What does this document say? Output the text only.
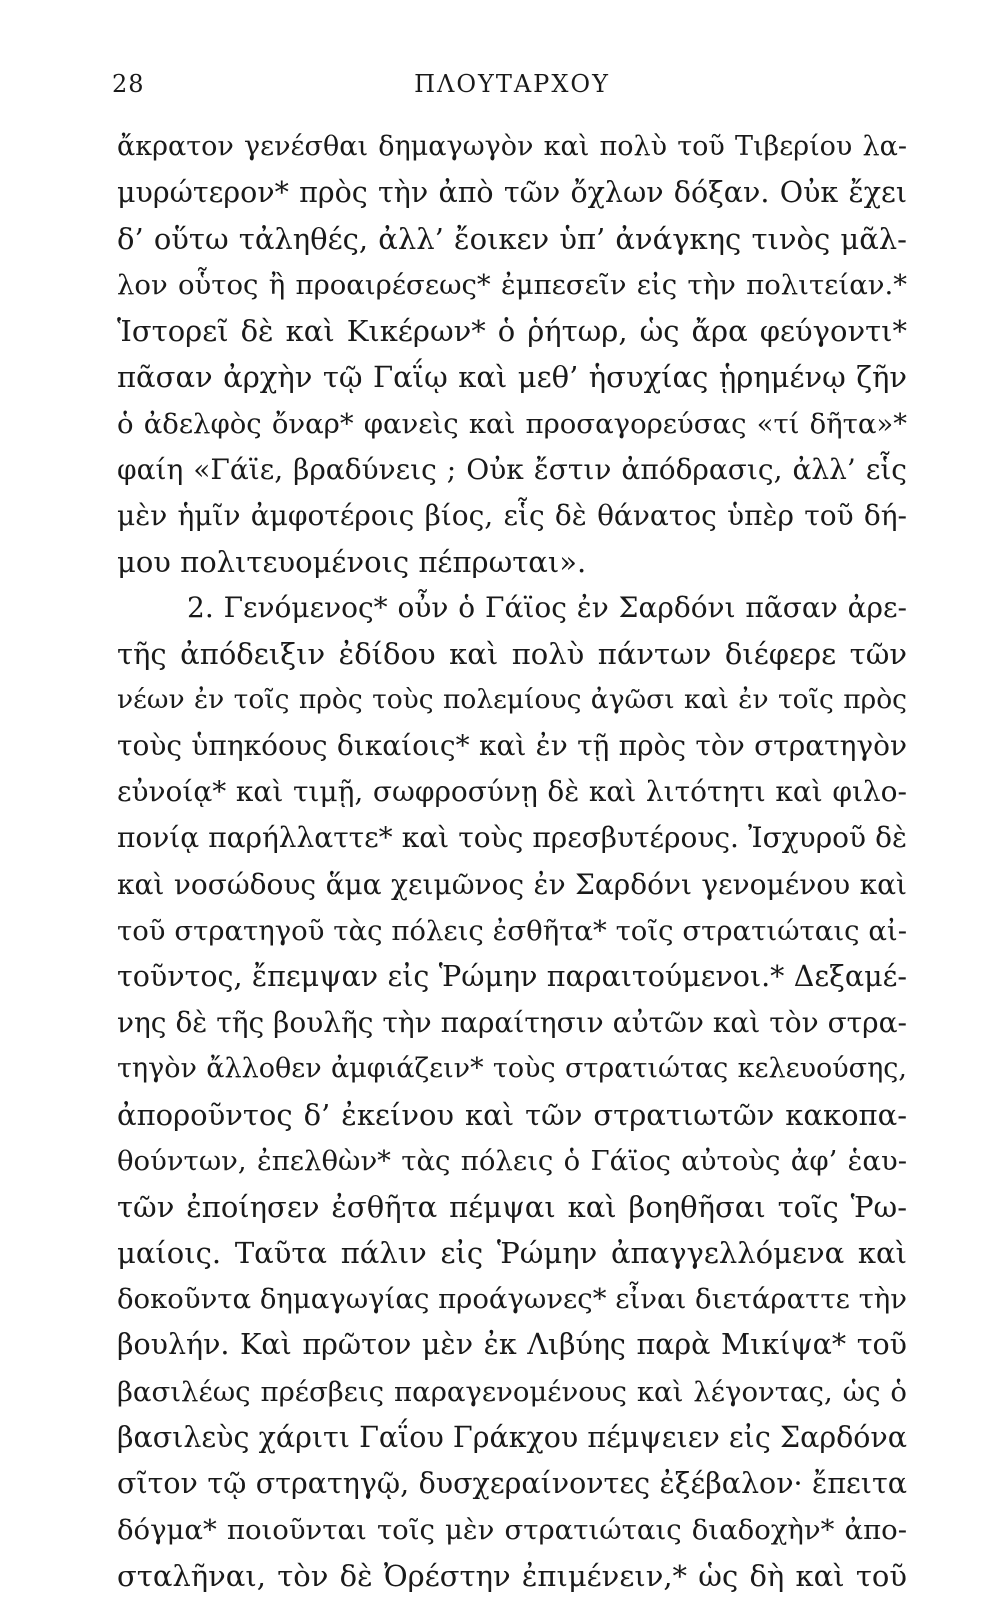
28	ΠΛΟΥΤΑΡΧΟΥ
ἄκρατον γενέσθαι δημαγωγὸν καὶ πολὺ τοῦ Τιβερίου λα-
μυρώτερον* πρὸς τὴν ἀπὸ τῶν ὄχλων δόξαν. Οὐκ ἔχει
δ’ οὕτω τἀληθές, ἀλλ’ ἔοικεν ὑπ’ ἀνάγκης τινὸς μᾶλ-
λον οὗτος ἢ προαιρέσεως* ἐμπεσεῖν εἰς τὴν πολιτείαν.*
Ἱστορεῖ δὲ καὶ Κικέρων* ὁ ῥήτωρ, ὡς ἄρα φεύγοντι*
πᾶσαν ἀρχὴν τῷ Γαΐῳ καὶ μεθ’ ἡσυχίας ᾑρημένῳ ζῆν
ὁ ἀδελφὸς ὄναρ* φανεὶς καὶ προσαγορεύσας «τί δῆτα»*
φαίη «Γάϊε, βραδύνεις ; Οὐκ ἔστιν ἀπόδρασις, ἀλλ’ εἷς
μὲν ἡμῖν ἀμφοτέροις βίος, εἷς δὲ θάνατος ὑπὲρ τοῦ δή-
μου πολιτευομένοις πέπρωται».
2. Γενόμενος* οὖν ὁ Γάϊος ἐν Σαρδόνι πᾶσαν ἀρε-
τῆς ἀπόδειξιν ἐδίδου καὶ πολὺ πάντων διέφερε τῶν
νέων ἐν τοῖς πρὸς τοὺς πολεμίους ἀγῶσι καὶ ἐν τοῖς πρὸς
τοὺς ὑπηκόους δικαίοις* καὶ ἐν τῇ πρὸς τὸν στρατηγὸν
εὐνοίᾳ* καὶ τιμῇ, σωφροσύνῃ δὲ καὶ λιτότητι καὶ φιλο-
πονίᾳ παρήλλαττε* καὶ τοὺς πρεσβυτέρους. Ἰσχυροῦ δὲ
καὶ νοσώδους ἅμα χειμῶνος ἐν Σαρδόνι γενομένου καὶ
τοῦ στρατηγοῦ τὰς πόλεις ἐσθῆτα* τοῖς στρατιώταις αἰ-
τοῦντος, ἔπεμψαν εἰς Ῥώμην παραιτούμενοι.* Δεξαμέ-
νης δὲ τῆς βουλῆς τὴν παραίτησιν αὐτῶν καὶ τὸν στρα-
τηγὸν ἄλλοθεν ἀμφιάζειν* τοὺς στρατιώτας κελευούσης,
ἀποροῦντος δ’ ἐκείνου καὶ τῶν στρατιωτῶν κακοπα-
θούντων, ἐπελθὼν* τὰς πόλεις ὁ Γάϊος αὐτοὺς ἀφ’ ἑαυ-
τῶν ἐποίησεν ἐσθῆτα πέμψαι καὶ βοηθῆσαι τοῖς Ῥω-
μαίοις. Ταῦτα πάλιν εἰς Ῥώμην ἀπαγγελλόμενα καὶ
δοκοῦντα δημαγωγίας προάγωνες* εἶναι διετάραττε τὴν
βουλήν. Καὶ πρῶτον μὲν ἐκ Λιβύης παρὰ Μικίψα* τοῦ
βασιλέως πρέσβεις παραγενομένους καὶ λέγοντας, ὡς ὁ
βασιλεὺς χάριτι Γαΐου Γράκχου πέμψειεν εἰς Σαρδόνα
σῖτον τῷ στρατηγῷ, δυσχεραίνοντες ἐξέβαλον· ἔπειτα
δόγμα* ποιοῦνται τοῖς μὲν στρατιώταις διαδοχὴν* ἀπο-
σταλῆναι, τὸν δὲ Ὀρέστην ἐπιμένειν,* ὡς δὴ καὶ τοῦ
